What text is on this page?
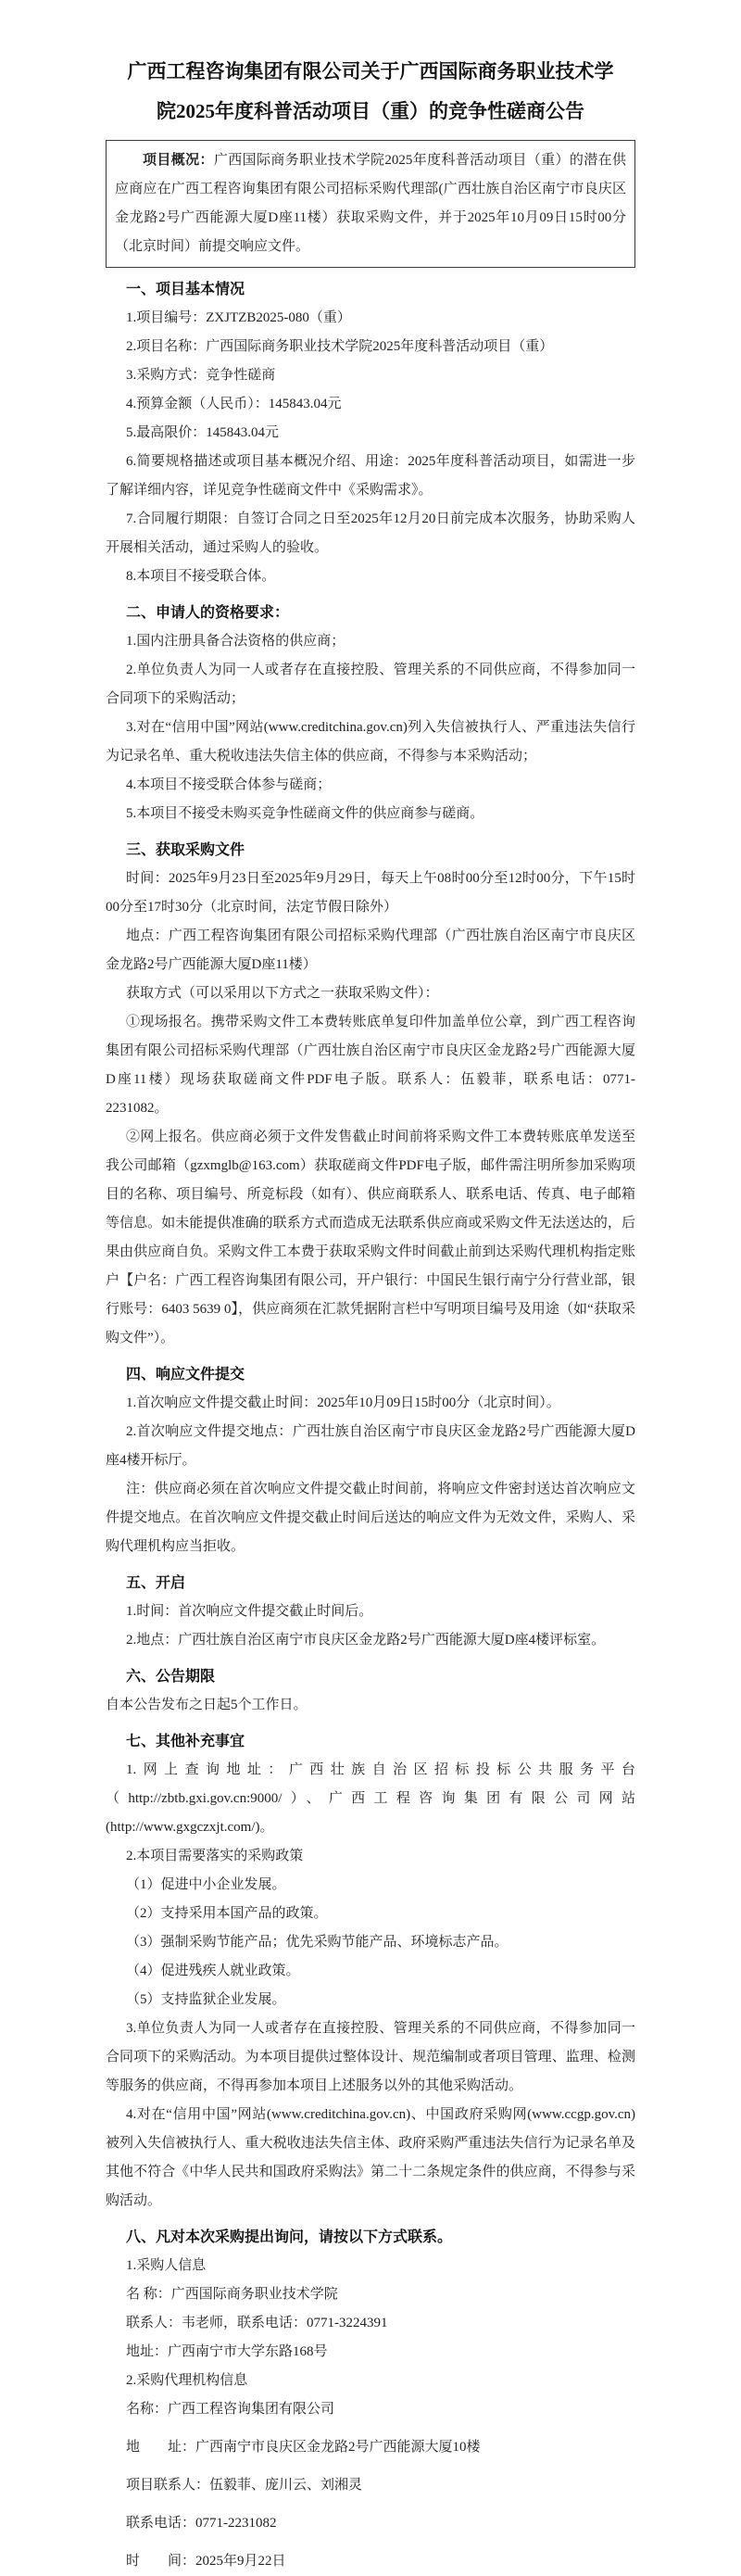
广西工程咨询集团有限公司关于广西国际商务职业技术学
院2025年度科普活动项目（重）的竞争性磋商公告

项目概况：广西国际商务职业技术学院2025年度科普活动项目（重）的潜在供应商应在广西工程咨询集团有限公司招标采购代理部(广西壮族自治区南宁市良庆区金龙路2号广西能源大厦D座11楼）获取采购文件，并于2025年10月09日15时00分（北京时间）前提交响应文件。

一、项目基本情况

1.项目编号：ZXJTZB2025-080（重）

2.项目名称：广西国际商务职业技术学院2025年度科普活动项目（重）

3.采购方式：竞争性磋商

4.预算金额（人民币）：145843.04元

5.最高限价：145843.04元

6.简要规格描述或项目基本概况介绍、用途：2025年度科普活动项目，如需进一步了解详细内容，详见竞争性磋商文件中《采购需求》。

7.合同履行期限：自签订合同之日至2025年12月20日前完成本次服务，协助采购人开展相关活动，通过采购人的验收。

8.本项目不接受联合体。

二、申请人的资格要求：

1.国内注册具备合法资格的供应商；

2.单位负责人为同一人或者存在直接控股、管理关系的不同供应商，不得参加同一合同项下的采购活动；

3.对在“信用中国”网站(www.creditchina.gov.cn)列入失信被执行人、严重违法失信行为记录名单、重大税收违法失信主体的供应商，不得参与本采购活动；

4.本项目不接受联合体参与磋商；

5.本项目不接受未购买竞争性磋商文件的供应商参与磋商。

三、获取采购文件

时间：2025年9月23日至2025年9月29日，每天上午08时00分至12时00分，下午15时00分至17时30分（北京时间，法定节假日除外）

地点：广西工程咨询集团有限公司招标采购代理部（广西壮族自治区南宁市良庆区金龙路2号广西能源大厦D座11楼）

获取方式（可以采用以下方式之一获取采购文件）：

①现场报名。携带采购文件工本费转账底单复印件加盖单位公章，到广西工程咨询集团有限公司招标采购代理部（广西壮族自治区南宁市良庆区金龙路2号广西能源大厦D座11楼）现场获取磋商文件PDF电子版。联系人：伍毅菲，联系电话：0771-2231082。

②网上报名。供应商必须于文件发售截止时间前将采购文件工本费转账底单发送至我公司邮箱（gzxmglb@163.com）获取磋商文件PDF电子版，邮件需注明所参加采购项目的名称、项目编号、所竞标段（如有）、供应商联系人、联系电话、传真、电子邮箱等信息。如未能提供准确的联系方式而造成无法联系供应商或采购文件无法送达的，后果由供应商自负。采购文件工本费于获取采购文件时间截止前到达采购代理机构指定账户【户名：广西工程咨询集团有限公司，开户银行：中国民生银行南宁分行营业部，银行账号：6403 5639 0】，供应商须在汇款凭据附言栏中写明项目编号及用途（如“获取采购文件”）。

四、响应文件提交

1.首次响应文件提交截止时间：2025年10月09日15时00分（北京时间）。

2.首次响应文件提交地点：广西壮族自治区南宁市良庆区金龙路2号广西能源大厦D座4楼开标厅。

注：供应商必须在首次响应文件提交截止时间前，将响应文件密封送达首次响应文件提交地点。在首次响应文件提交截止时间后送达的响应文件为无效文件，采购人、采购代理机构应当拒收。

五、开启

1.时间：首次响应文件提交截止时间后。

2.地点：广西壮族自治区南宁市良庆区金龙路2号广西能源大厦D座4楼评标室。

六、公告期限

自本公告发布之日起5个工作日。

七、其他补充事宜

1.网上查询地址：广西壮族自治区招标投标公共服务平台（http://zbtb.gxi.gov.cn:9000/）、广西工程咨询集团有限公司网站(http://www.gxgczxjt.com/)。

2.本项目需要落实的采购政策

（1）促进中小企业发展。

（2）支持采用本国产品的政策。

（3）强制采购节能产品；优先采购节能产品、环境标志产品。

（4）促进残疾人就业政策。

（5）支持监狱企业发展。

3.单位负责人为同一人或者存在直接控股、管理关系的不同供应商，不得参加同一合同项下的采购活动。为本项目提供过整体设计、规范编制或者项目管理、监理、检测等服务的供应商，不得再参加本项目上述服务以外的其他采购活动。

4.对在“信用中国”网站(www.creditchina.gov.cn)、中国政府采购网(www.ccgp.gov.cn)被列入失信被执行人、重大税收违法失信主体、政府采购严重违法失信行为记录名单及其他不符合《中华人民共和国政府采购法》第二十二条规定条件的供应商，不得参与采购活动。

八、凡对本次采购提出询问，请按以下方式联系。

1.采购人信息

名 称：广西国际商务职业技术学院

联系人：韦老师，联系电话：0771-3224391

地址：广西南宁市大学东路168号

2.采购代理机构信息

名称：广西工程咨询集团有限公司

地　　址：广西南宁市良庆区金龙路2号广西能源大厦10楼

项目联系人：伍毅菲、庞川云、刘湘灵

联系电话：0771-2231082

时　　间：2025年9月22日
